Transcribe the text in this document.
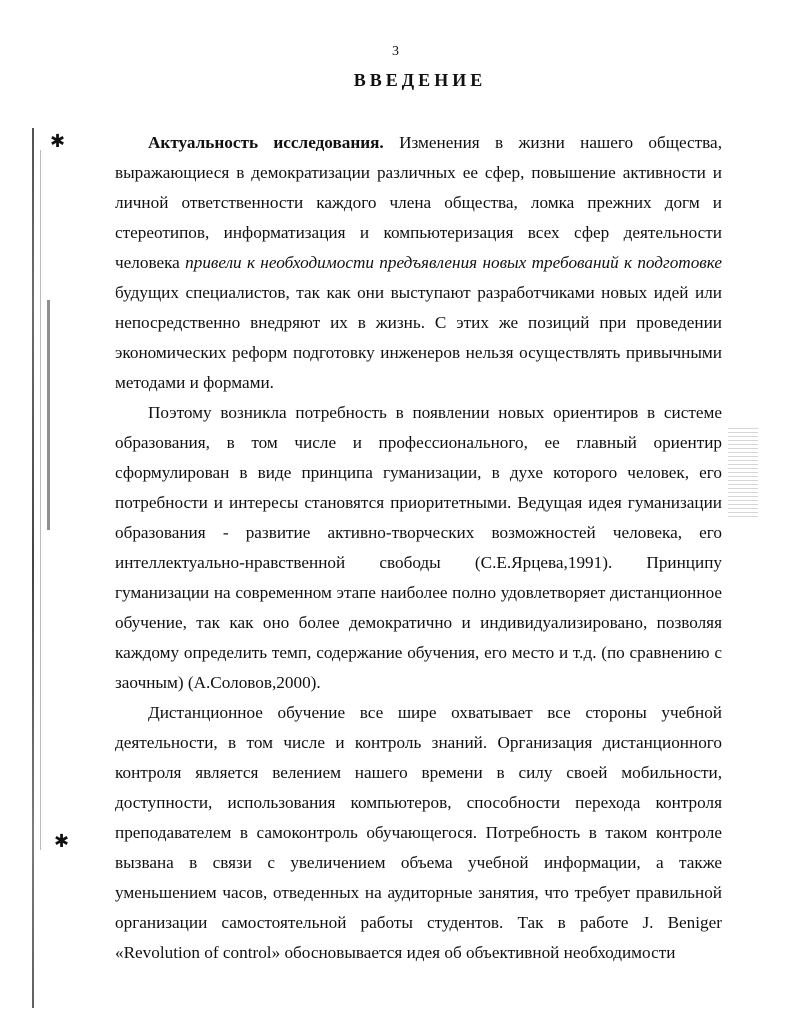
✱
✱
3
ВВЕДЕНИЕ

Актуальность исследования. Изменения в жизни нашего общества, выражающиеся в демократизации различных ее сфер, повышение активности и личной ответственности каждого члена общества, ломка прежних догм и стереотипов, информатизация и компьютеризация всех сфер деятельности человека привели к необходимости предъявления новых требований к подготовке будущих специалистов, так как они выступают разработчиками новых идей или непосредственно внедряют их в жизнь. С этих же позиций при проведении экономических реформ подготовку инженеров нельзя осуществлять привычными методами и формами.

Поэтому возникла потребность в появлении новых ориентиров в системе образования, в том числе и профессионального, ее главный ориентир сформулирован в виде принципа гуманизации, в духе которого человек, его потребности и интересы становятся приоритетными. Ведущая идея гуманизации образования - развитие активно-творческих возможностей человека, его интеллектуально-нравственной свободы (С.Е.Ярцева,1991). Принципу гуманизации на современном этапе наиболее полно удовлетворяет дистанционное обучение, так как оно более демократично и индивидуализировано, позволяя каждому определить темп, содержание обучения, его место и т.д. (по сравнению с заочным) (А.Соловов,2000).

Дистанционное обучение все шире охватывает все стороны учебной деятельности, в том числе и контроль знаний. Организация дистанционного контроля является велением нашего времени в силу своей мобильности, доступности, использования компьютеров, способности перехода контроля преподавателем в самоконтроль обучающегося. Потребность в таком контроле вызвана в связи с увеличением объема учебной информации, а также уменьшением часов, отведенных на аудиторные занятия, что требует правильной организации самостоятельной работы студентов. Так в работе J. Beniger «Revolution of control» обосновывается идея об объективной необходимости
